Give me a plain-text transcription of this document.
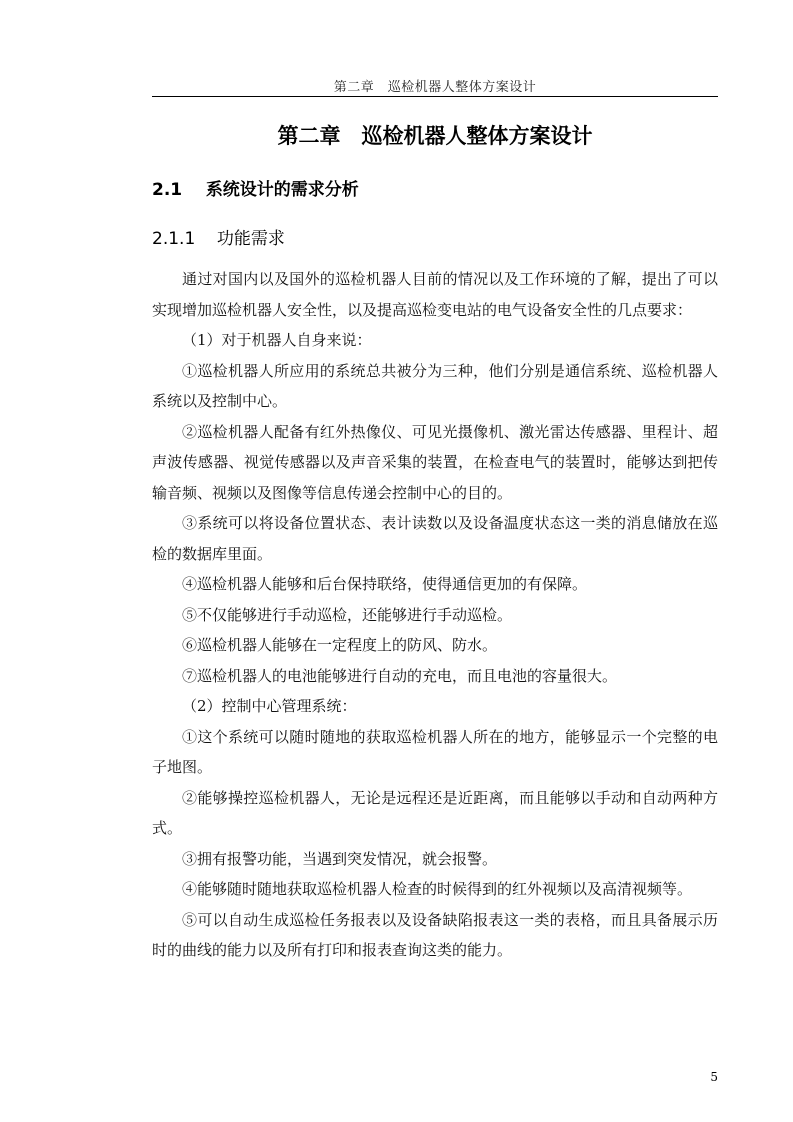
第二章　巡检机器人整体方案设计
第二章　巡检机器人整体方案设计
2.1 系统设计的需求分析
2.1.1 功能需求

通过对国内以及国外的巡检机器人目前的情况以及工作环境的了解，提出了可以实现增加巡检机器人安全性，以及提高巡检变电站的电气设备安全性的几点要求：

（1）对于机器人自身来说：

①巡检机器人所应用的系统总共被分为三种，他们分别是通信系统、巡检机器人系统以及控制中心。

②巡检机器人配备有红外热像仪、可见光摄像机、激光雷达传感器、里程计、超声波传感器、视觉传感器以及声音采集的装置，在检查电气的装置时，能够达到把传输音频、视频以及图像等信息传递会控制中心的目的。

③系统可以将设备位置状态、表计读数以及设备温度状态这一类的消息储放在巡检的数据库里面。

④巡检机器人能够和后台保持联络，使得通信更加的有保障。

⑤不仅能够进行手动巡检，还能够进行手动巡检。

⑥巡检机器人能够在一定程度上的防风、防水。

⑦巡检机器人的电池能够进行自动的充电，而且电池的容量很大。

（2）控制中心管理系统：

①这个系统可以随时随地的获取巡检机器人所在的地方，能够显示一个完整的电子地图。

②能够操控巡检机器人，无论是远程还是近距离，而且能够以手动和自动两种方式。

③拥有报警功能，当遇到突发情况，就会报警。

④能够随时随地获取巡检机器人检查的时候得到的红外视频以及高清视频等。

⑤可以自动生成巡检任务报表以及设备缺陷报表这一类的表格，而且具备展示历时的曲线的能力以及所有打印和报表查询这类的能力。

5
